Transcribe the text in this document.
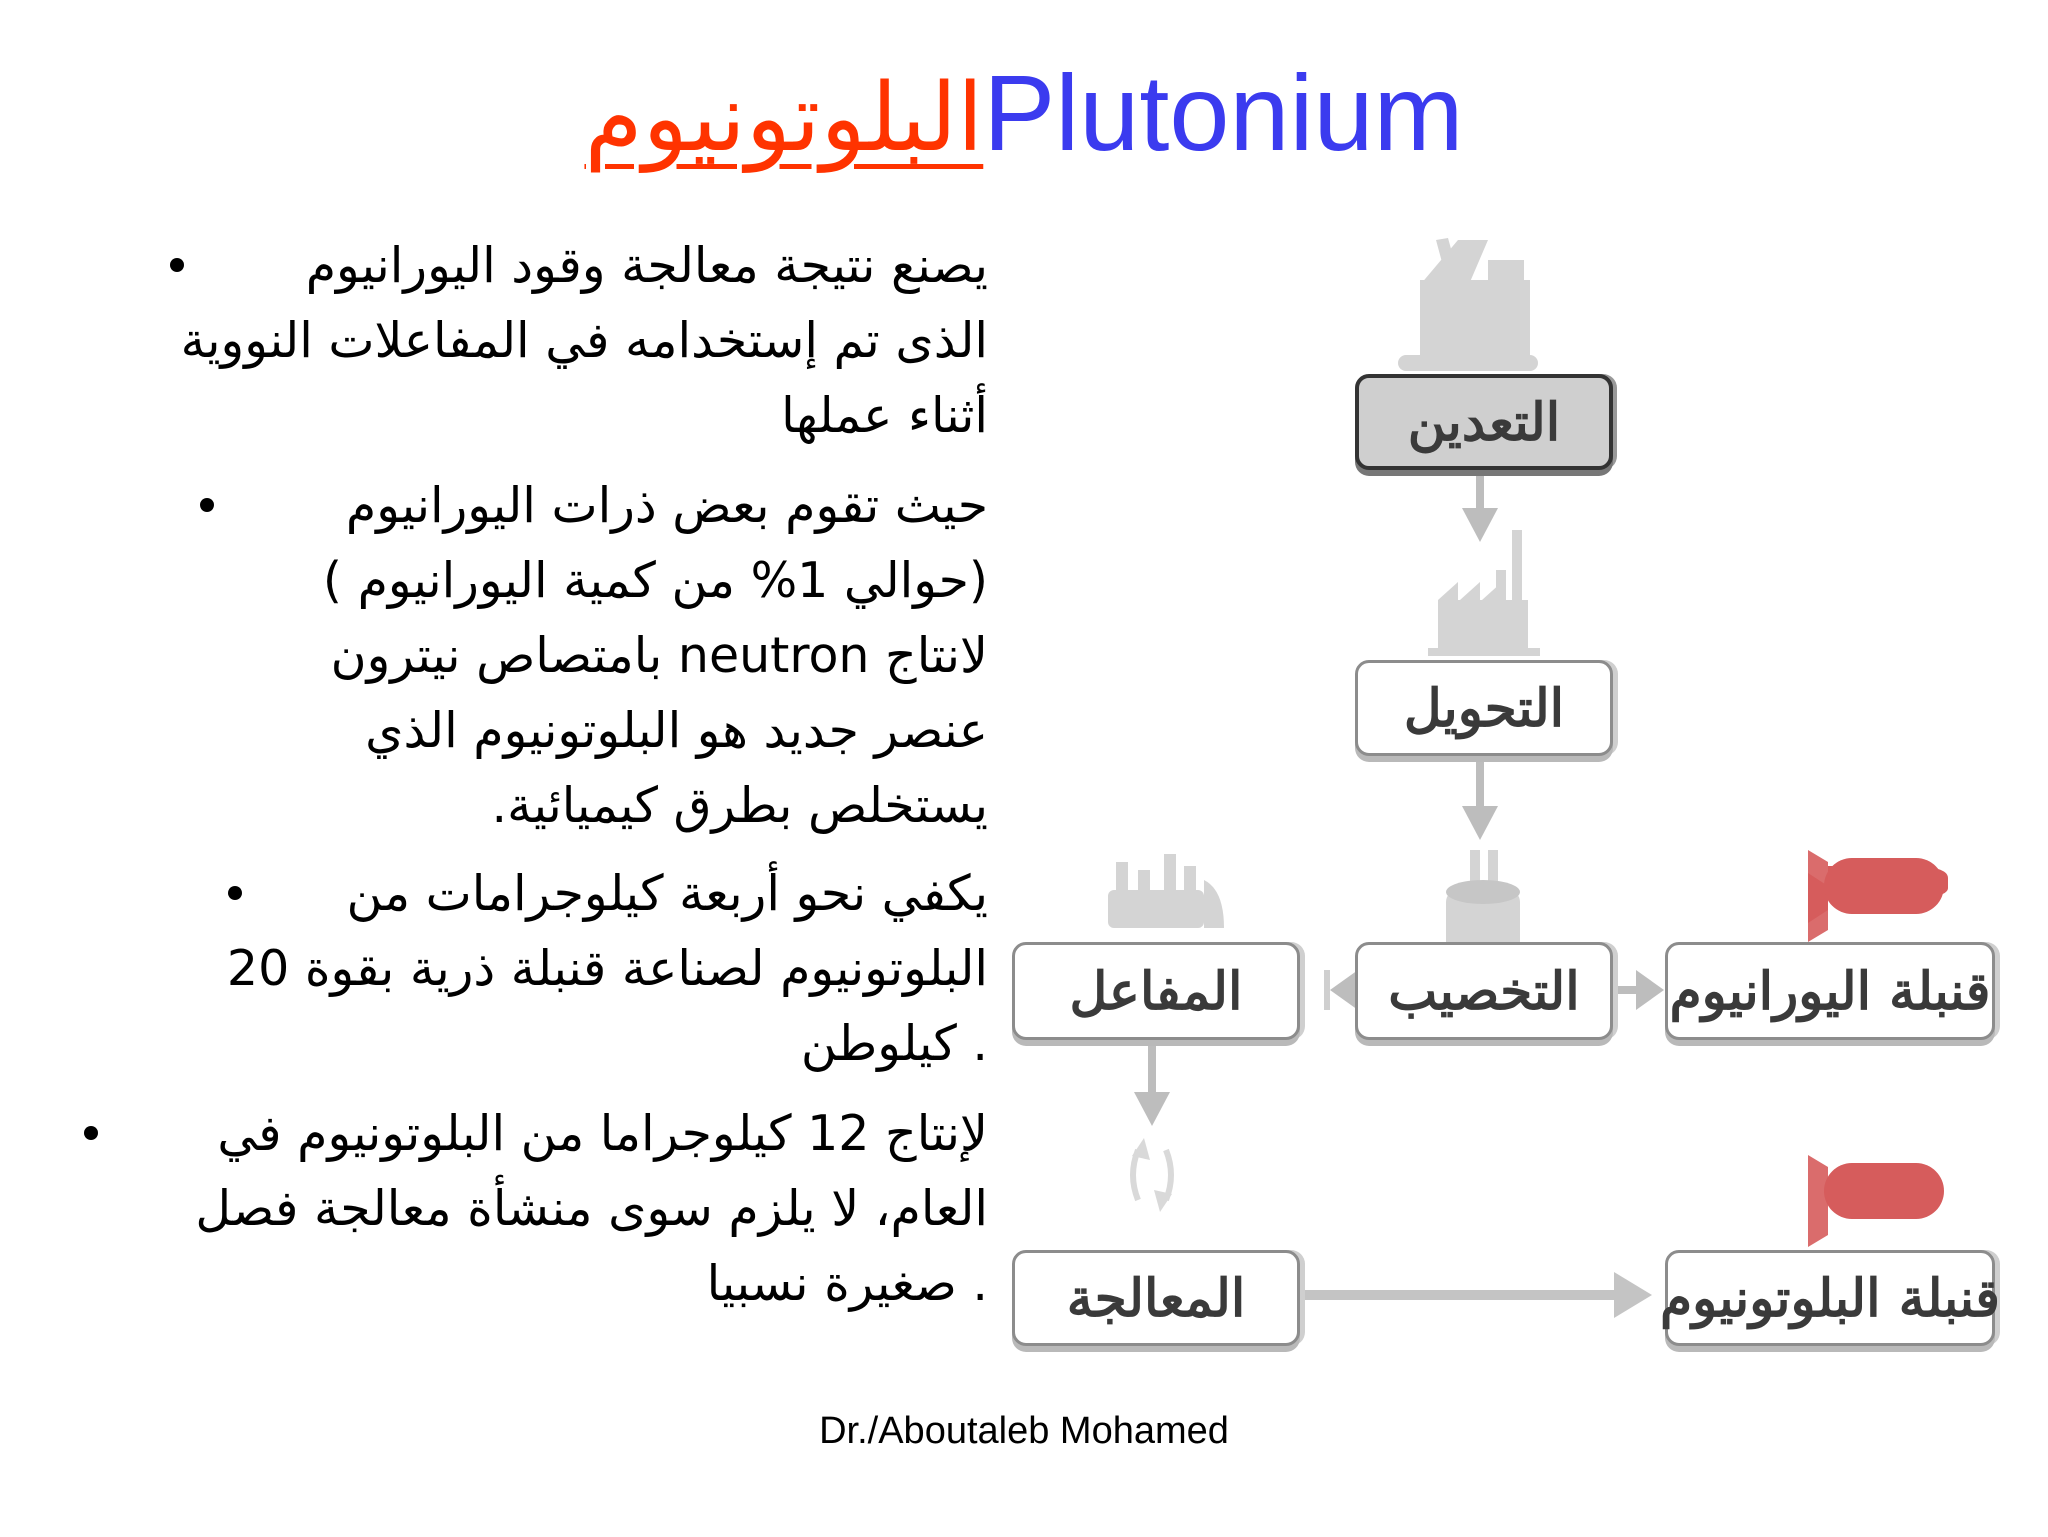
البلوتونيومPlutonium
يصنع نتيجة معالجة وقود اليورانيوم
الذى تم إستخدامه في المفاعلات النووية
أثناء عملها
حيث تقوم بعض ذرات اليورانيوم
(حوالي 1% من كمية اليورانيوم )
لانتاج neutron بامتصاص نيترون
عنصر جديد هو البلوتونيوم الذي
يستخلص بطرق كيميائية.
يكفي نحو أربعة كيلوجرامات من
البلوتونيوم لصناعة قنبلة ذرية بقوة 20
. كيلوطن
لإنتاج 12 كيلوجراما من البلوتونيوم في
العام، لا يلزم سوى منشأة معالجة فصل
. صغيرة نسبيا
التعدين
التحويل
المفاعل	التخصيب قنبلة اليورانيوم
المعالجة	قنبلة البلوتونيوم
Dr./Aboutaleb Mohamed
